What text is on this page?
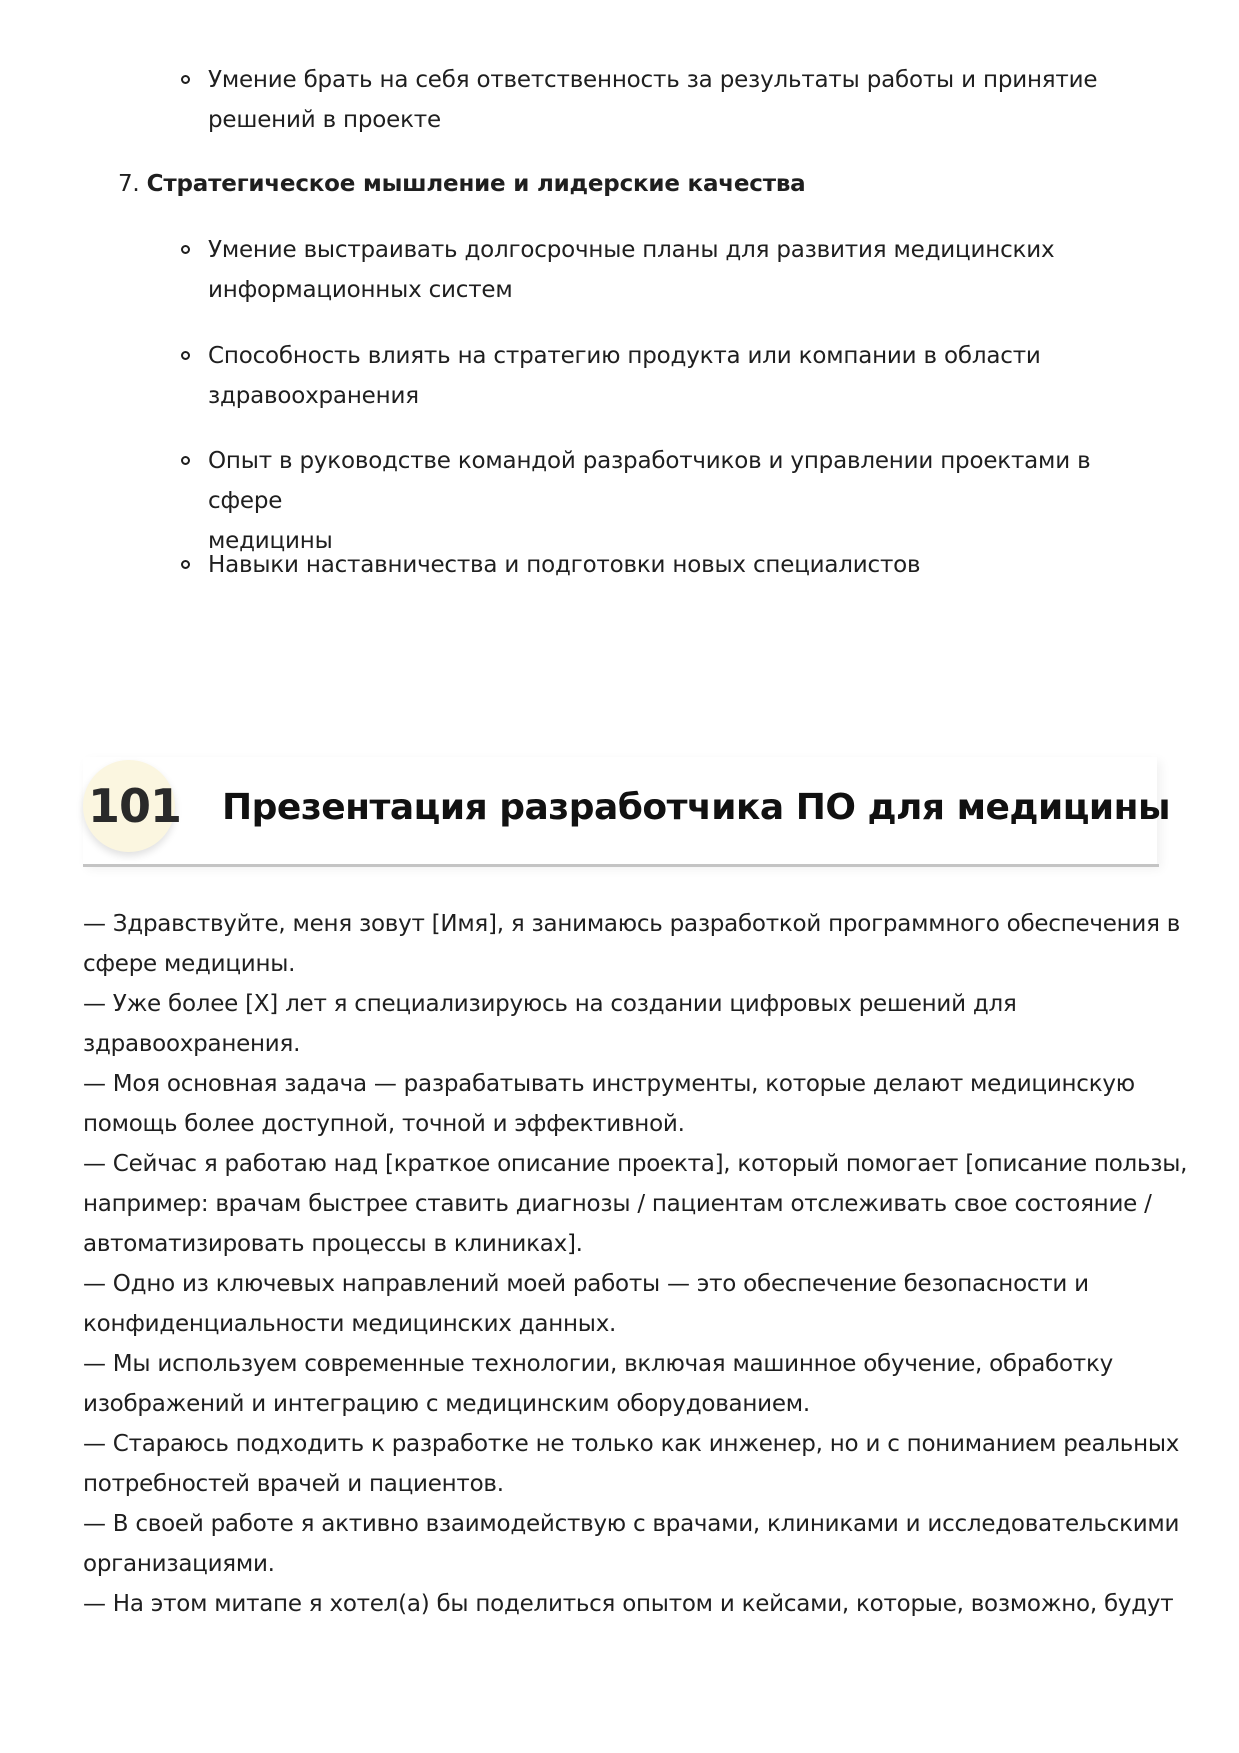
Умение брать на себя ответственность за результаты работы и принятие
решений в проекте
7. Стратегическое мышление и лидерские качества
Умение выстраивать долгосрочные планы для развития медицинских
информационных систем
Способность влиять на стратегию продукта или компании в области
здравоохранения
Опыт в руководстве командой разработчиков и управлении проектами в сфере
медицины
Навыки наставничества и подготовки новых специалистов
101 Презентация разработчика ПО для медицины
— Здравствуйте, меня зовут [Имя], я занимаюсь разработкой программного обеспечения в
сфере медицины.
— Уже более [X] лет я специализируюсь на создании цифровых решений для
здравоохранения.
— Моя основная задача — разрабатывать инструменты, которые делают медицинскую
помощь более доступной, точной и эффективной.
— Сейчас я работаю над [краткое описание проекта], который помогает [описание пользы,
например: врачам быстрее ставить диагнозы / пациентам отслеживать свое состояние /
автоматизировать процессы в клиниках].
— Одно из ключевых направлений моей работы — это обеспечение безопасности и
конфиденциальности медицинских данных.
— Мы используем современные технологии, включая машинное обучение, обработку
изображений и интеграцию с медицинским оборудованием.
— Стараюсь подходить к разработке не только как инженер, но и с пониманием реальных
потребностей врачей и пациентов.
— В своей работе я активно взаимодействую с врачами, клиниками и исследовательскими
организациями.
— На этом митапе я хотел(а) бы поделиться опытом и кейсами, которые, возможно, будут
